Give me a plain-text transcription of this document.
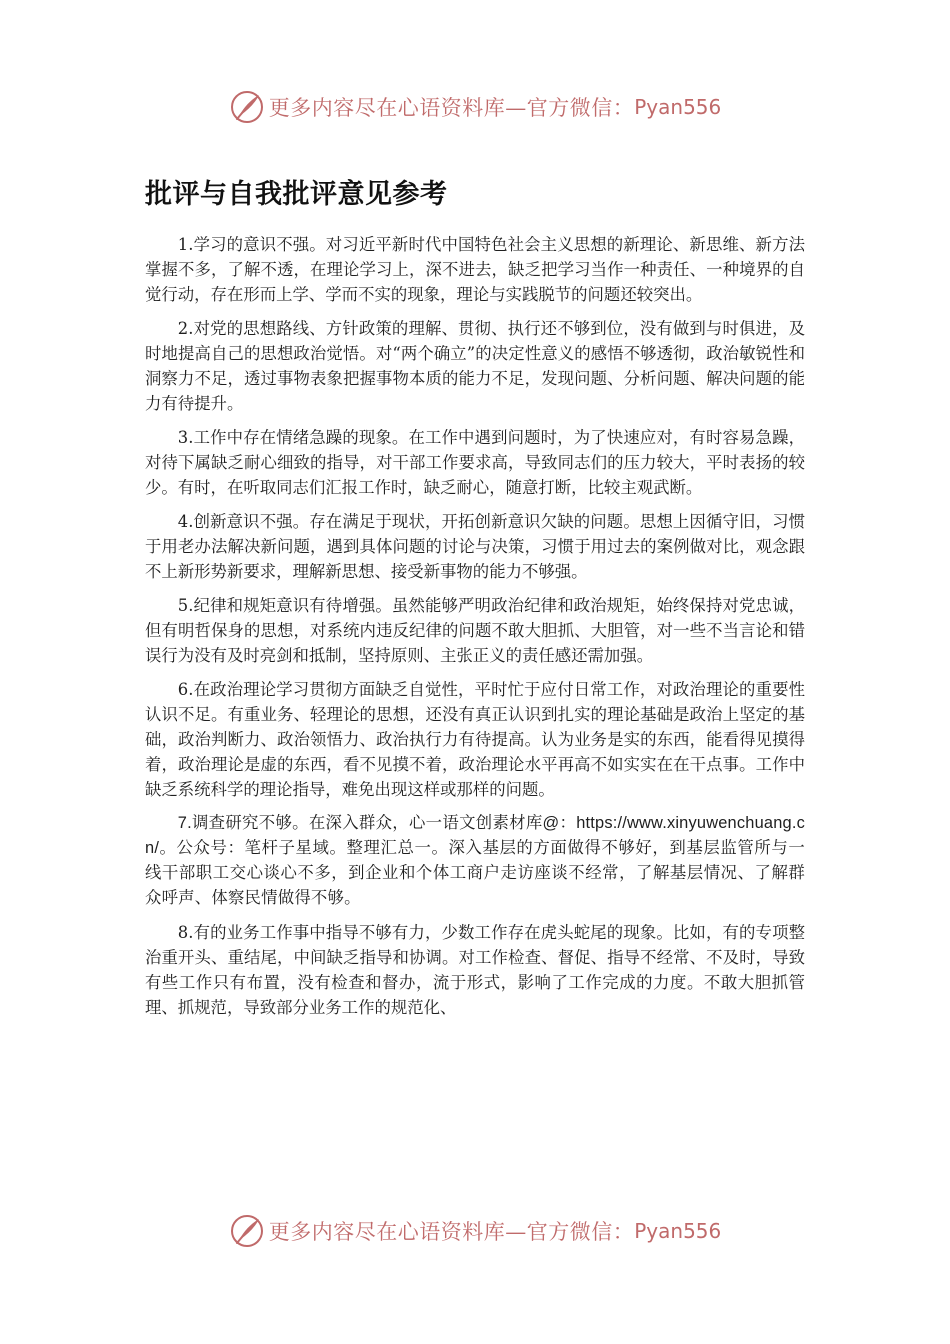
更多内容尽在心语资料库—官方微信： Pyan556
批评与自我批评意见参考

1.学习的意识不强。对习近平新时代中国特色社会主义思想的新理论、新思维、新方法掌握不多，了解不透，在理论学习上，深不进去，缺乏把学习当作一种责任、一种境界的自觉行动，存在形而上学、学而不实的现象，理论与实践脱节的问题还较突出。

2.对党的思想路线、方针政策的理解、贯彻、执行还不够到位，没有做到与时俱进，及时地提高自己的思想政治觉悟。对“两个确立”的决定性意义的感悟不够透彻，政治敏锐性和洞察力不足，透过事物表象把握事物本质的能力不足，发现问题、分析问题、解决问题的能力有待提升。

3.工作中存在情绪急躁的现象。在工作中遇到问题时，为了快速应对，有时容易急躁，对待下属缺乏耐心细致的指导，对干部工作要求高，导致同志们的压力较大，平时表扬的较少。有时，在听取同志们汇报工作时，缺乏耐心，随意打断，比较主观武断。

4.创新意识不强。存在满足于现状，开拓创新意识欠缺的问题。思想上因循守旧，习惯于用老办法解决新问题，遇到具体问题的讨论与决策，习惯于用过去的案例做对比，观念跟不上新形势新要求，理解新思想、接受新事物的能力不够强。

5.纪律和规矩意识有待增强。虽然能够严明政治纪律和政治规矩，始终保持对党忠诚，但有明哲保身的思想，对系统内违反纪律的问题不敢大胆抓、大胆管，对一些不当言论和错误行为没有及时亮剑和抵制，坚持原则、主张正义的责任感还需加强。

6.在政治理论学习贯彻方面缺乏自觉性，平时忙于应付日常工作，对政治理论的重要性认识不足。有重业务、轻理论的思想，还没有真正认识到扎实的理论基础是政治上坚定的基础，政治判断力、政治领悟力、政治执行力有待提高。认为业务是实的东西，能看得见摸得着，政治理论是虚的东西，看不见摸不着，政治理论水平再高不如实实在在干点事。工作中缺乏系统科学的理论指导，难免出现这样或那样的问题。

7.调查研究不够。在深入群众，心一语文创素材库@：https://www.xinyuwenchuang.cn/。公众号：笔杆子星域。整理汇总一。深入基层的方面做得不够好，到基层监管所与一线干部职工交心谈心不多，到企业和个体工商户走访座谈不经常，了解基层情况、了解群众呼声、体察民情做得不够。

8.有的业务工作事中指导不够有力，少数工作存在虎头蛇尾的现象。比如，有的专项整治重开头、重结尾，中间缺乏指导和协调。对工作检查、督促、指导不经常、不及时，导致有些工作只有布置，没有检查和督办，流于形式，影响了工作完成的力度。不敢大胆抓管理、抓规范，导致部分业务工作的规范化、

更多内容尽在心语资料库—官方微信： Pyan556
